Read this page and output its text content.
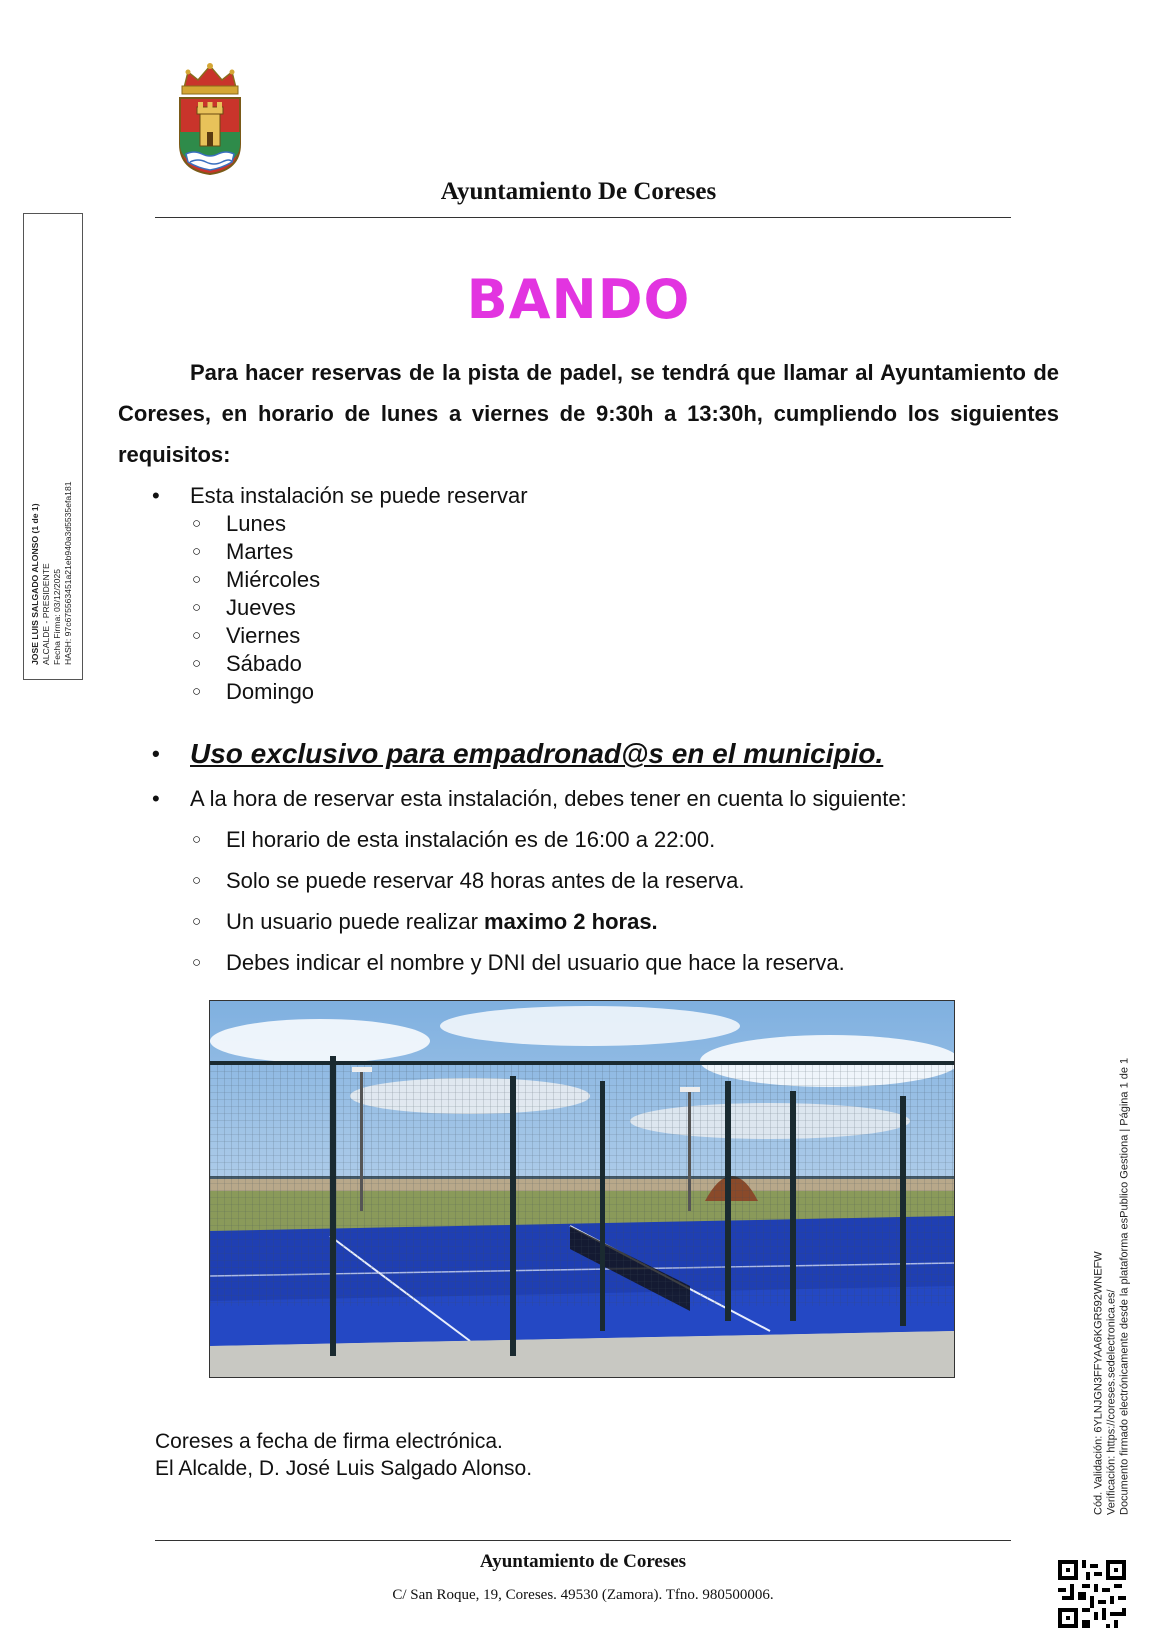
Ayuntamiento De Coreses
JOSE LUIS SALGADO ALONSO (1 de 1) ALCALDE - PRESIDENTE Fecha Firma: 03/12/2025 HASH: 97c675563451a21eb940a3d5535efa181
BANDO
Para hacer reservas de la pista de padel, se tendrá que llamar al Ayuntamiento de Coreses, en horario de lunes a viernes de 9:30h a 13:30h, cumpliendo los siguientes requisitos:
• Esta instalación se puede reservar
○ Lunes
○ Martes
○ Miércoles
○ Jueves
○ Viernes
○ Sábado
○ Domingo
• Uso exclusivo para empadronad@s en el municipio.
• A la hora de reservar esta instalación, debes tener en cuenta lo siguiente:
○ El horario de esta instalación es de 16:00 a 22:00.
○ Solo se puede reservar 48 horas antes de la reserva.
○ Un usuario puede realizar maximo 2 horas.
○ Debes indicar el nombre y DNI del usuario que hace la reserva.
Coreses a fecha de firma electrónica.
El Alcalde, D. José Luis Salgado Alonso.
Ayuntamiento de Coreses
C/ San Roque, 19, Coreses. 49530 (Zamora). Tfno. 980500006.
Cód. Validación: 6YLNJGN3FFYAA6KGR592WNEFW Verificación: https://coreses.sedelectronica.es/ Documento firmado electrónicamente desde la plataforma esPublico Gestiona | Página 1 de 1
